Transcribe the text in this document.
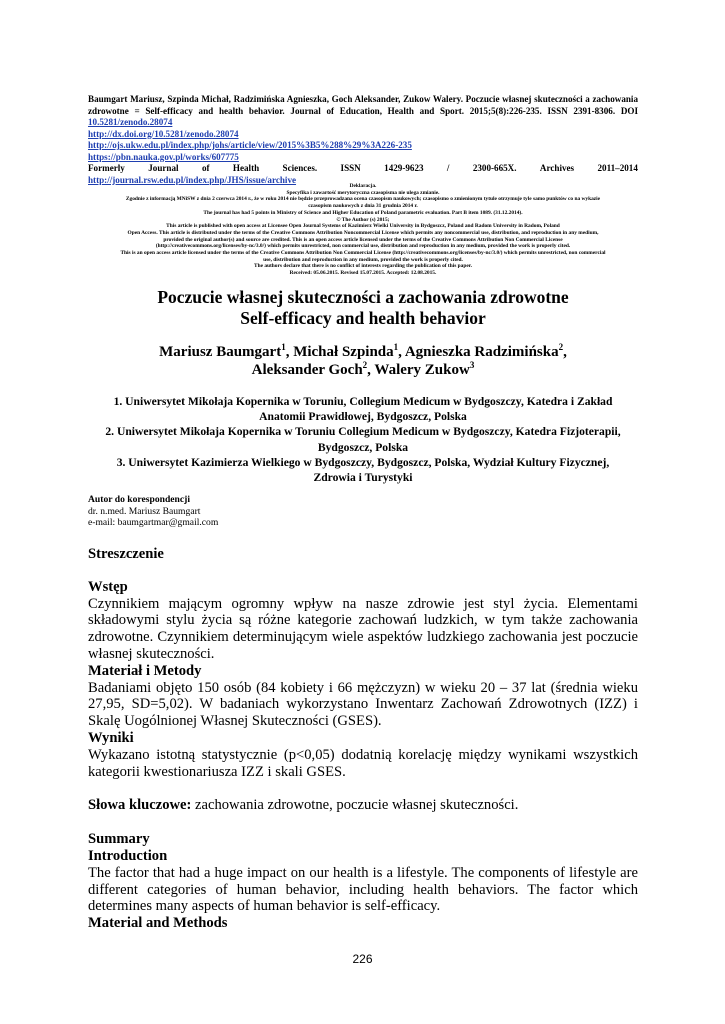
Baumgart Mariusz, Szpinda Michał, Radzimińska Agnieszka, Goch Aleksander, Zukow Walery. Poczucie własnej skuteczności a zachowania zdrowotne = Self-efficacy and health behavior. Journal of Education, Health and Sport. 2015;5(8):226-235. ISSN 2391-8306. DOI 10.5281/zenodo.28074

http://dx.doi.org/10.5281/zenodo.28074

http://ojs.ukw.edu.pl/index.php/johs/article/view/2015%3B5%288%29%3A226-235

https://pbn.nauka.gov.pl/works/607775

Formerly	Journal	of	Health	Sciences.	ISSN	1429-9623	/	2300-665X.	Archives	2011–2014

http://journal.rsw.edu.pl/index.php/JHS/issue/archive

Deklaracja.

Specyfika i zawartość merytoryczna czasopisma nie ulega zmianie.

Zgodnie z informacją MNiSW z dnia 2 czerwca 2014 r., że w roku 2014 nie będzie przeprowadzana ocena czasopism naukowych; czasopismo o zmienionym tytule otrzymuje tyle samo punktów co na wykazie

czasopism naukowych z dnia 31 grudnia 2014 r.

The journal has had 5 points in Ministry of Science and Higher Education of Poland parametric evaluation. Part B item 1089. (31.12.2014).

© The Author (s) 2015;

This article is published with open access at Licensee Open Journal Systems of Kazimierz Wielki University in Bydgoszcz, Poland and Radom University in Radom, Poland

Open Access. This article is distributed under the terms of the Creative Commons Attribution Noncommercial License which permits any noncommercial use, distribution, and reproduction in any medium,

provided the original author(s) and source are credited. This is an open access article licensed under the terms of the Creative Commons Attribution Non Commercial License

(http://creativecommons.org/licenses/by-nc/3.0/) which permits unrestricted, non commercial use, distribution and reproduction in any medium, provided the work is properly cited.

This is an open access article licensed under the terms of the Creative Commons Attribution Non Commercial License (http://creativecommons.org/licenses/by-nc/3.0/) which permits unrestricted, non commercial

use, distribution and reproduction in any medium, provided the work is properly cited.

The authors declare that there is no conflict of interests regarding the publication of this paper.

Received: 05.06.2015. Revised 15.07.2015. Accepted: 12.08.2015.

Poczucie własnej skuteczności a zachowania zdrowotne

Self-efficacy and health behavior

Mariusz Baumgart$^1$, Michał Szpinda$^1$, Agnieszka Radzimińska$^2$,

Aleksander Goch$^2$, Walery Zukow$^3$

1. Uniwersytet Mikołaja Kopernika w Toruniu, Collegium Medicum w Bydgoszczy, Katedra i Zakład Anatomii Prawidłowej, Bydgoszcz, Polska

2. Uniwersytet Mikołaja Kopernika w Toruniu Collegium Medicum w Bydgoszczy, Katedra Fizjoterapii, Bydgoszcz, Polska

3. Uniwersytet Kazimierza Wielkiego w Bydgoszczy, Bydgoszcz, Polska, Wydział Kultury Fizycznej, Zdrowia i Turystyki

Autor do korespondencji

dr. n.med. Mariusz Baumgart

e-mail: baumgartmar@gmail.com

Streszczenie
Wstęp

Czynnikiem mającym ogromny wpływ na nasze zdrowie jest styl życia. Elementami składowymi stylu życia są różne kategorie zachowań ludzkich, w tym także zachowania zdrowotne. Czynnikiem determinującym wiele aspektów ludzkiego zachowania jest poczucie własnej skuteczności.

Materiał i Metody

Badaniami objęto 150 osób (84 kobiety i 66 mężczyzn) w wieku 20 – 37 lat (średnia wieku 27,95, SD=5,02). W badaniach wykorzystano Inwentarz Zachowań Zdrowotnych (IZZ) i Skalę Uogólnionej Własnej Skuteczności (GSES).

Wyniki

Wykazano istotną statystycznie (p<0,05) dodatnią korelację między wynikami wszystkich kategorii kwestionariusza IZZ i skali GSES.

Słowa kluczowe: zachowania zdrowotne, poczucie własnej skuteczności.

Summary
Introduction

The factor that had a huge impact on our health is a lifestyle. The components of lifestyle are different categories of human behavior, including health behaviors. The factor which determines many aspects of human behavior is self-efficacy.

Material and Methods
226
